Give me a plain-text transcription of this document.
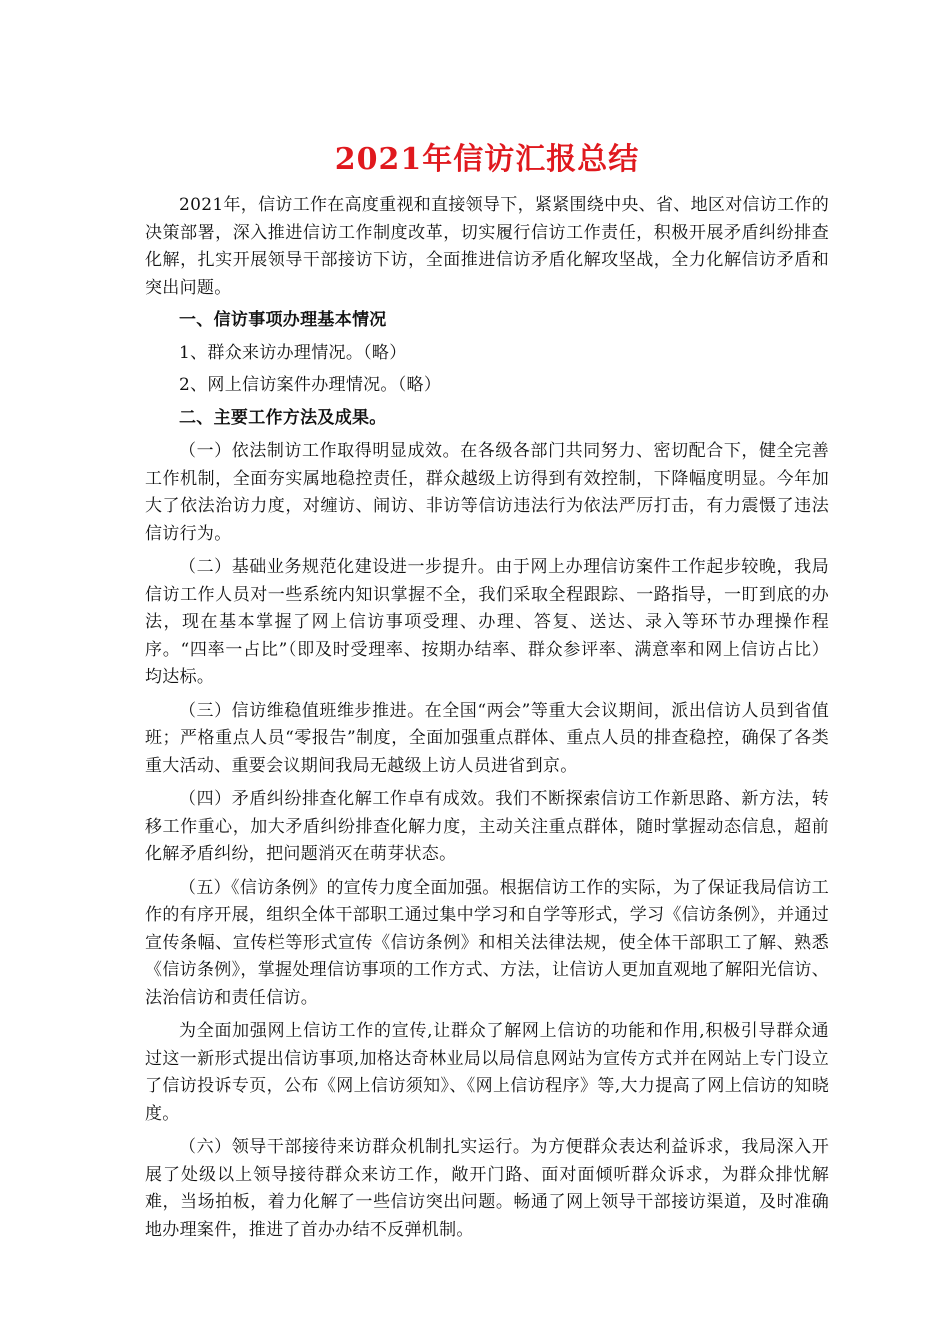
2021年信访汇报总结

2021年，信访工作在高度重视和直接领导下，紧紧围绕中央、省、地区对信访工作的决策部署，深入推进信访工作制度改革，切实履行信访工作责任，积极开展矛盾纠纷排查化解，扎实开展领导干部接访下访，全面推进信访矛盾化解攻坚战，全力化解信访矛盾和突出问题。

一、信访事项办理基本情况

1、群众来访办理情况。（略）

2、网上信访案件办理情况。（略）

二、主要工作方法及成果。

（一）依法制访工作取得明显成效。在各级各部门共同努力、密切配合下，健全完善工作机制，全面夯实属地稳控责任，群众越级上访得到有效控制，下降幅度明显。今年加大了依法治访力度，对缠访、闹访、非访等信访违法行为依法严厉打击，有力震慑了违法信访行为。

（二）基础业务规范化建设进一步提升。由于网上办理信访案件工作起步较晚，我局信访工作人员对一些系统内知识掌握不全，我们采取全程跟踪、一路指导，一盯到底的办法，现在基本掌握了网上信访事项受理、办理、答复、送达、录入等环节办理操作程序。“四率一占比”（即及时受理率、按期办结率、群众参评率、满意率和网上信访占比）均达标。

（三）信访维稳值班维步推进。在全国“两会”等重大会议期间，派出信访人员到省值班；严格重点人员“零报告”制度，全面加强重点群体、重点人员的排查稳控，确保了各类重大活动、重要会议期间我局无越级上访人员进省到京。

（四）矛盾纠纷排查化解工作卓有成效。我们不断探索信访工作新思路、新方法，转移工作重心，加大矛盾纠纷排查化解力度，主动关注重点群体，随时掌握动态信息，超前化解矛盾纠纷，把问题消灭在萌芽状态。

（五）《信访条例》的宣传力度全面加强。根据信访工作的实际，为了保证我局信访工作的有序开展，组织全体干部职工通过集中学习和自学等形式，学习《信访条例》，并通过宣传条幅、宣传栏等形式宣传《信访条例》和相关法律法规，使全体干部职工了解、熟悉《信访条例》，掌握处理信访事项的工作方式、方法，让信访人更加直观地了解阳光信访、法治信访和责任信访。

为全面加强网上信访工作的宣传,让群众了解网上信访的功能和作用,积极引导群众通过这一新形式提出信访事项,加格达奇林业局以局信息网站为宣传方式并在网站上专门设立了信访投诉专页，公布《网上信访须知》、《网上信访程序》等,大力提高了网上信访的知晓度。

（六）领导干部接待来访群众机制扎实运行。为方便群众表达利益诉求，我局深入开展了处级以上领导接待群众来访工作，敞开门路、面对面倾听群众诉求，为群众排忧解难，当场拍板，着力化解了一些信访突出问题。畅通了网上领导干部接访渠道，及时准确地办理案件，推进了首办办结不反弹机制。
